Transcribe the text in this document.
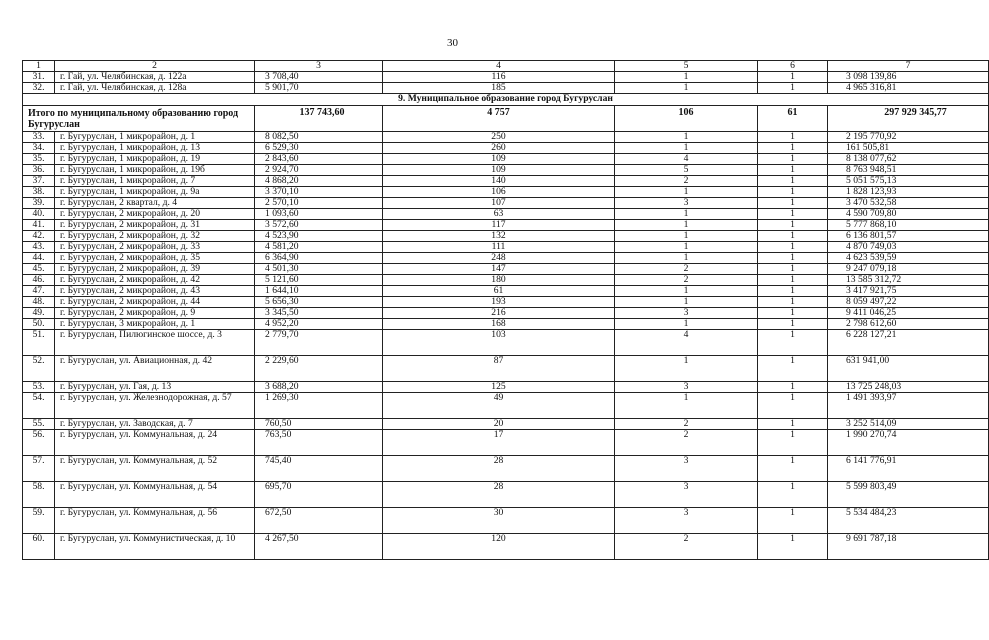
30
1	2	3	4	5	6	7
31.	г. Гай, ул. Челябинская, д. 122а	3 708,40	116	1	1	3 098 139,86
32.	г. Гай, ул. Челябинская, д. 128а	5 901,70	185	1	1	4 965 316,81
9. Муниципальное образование город Бугуруслан						
Итого по муниципальному образованию город Бугуруслан		137 743,60	4 757	106	61	297 929 345,77
33.	г. Бугуруслан, 1 микрорайон, д. 1	8 082,50	250	1	1	2 195 770,92
34.	г. Бугуруслан, 1 микрорайон, д. 13	6 529,30	260	1	1	161 505,81
35.	г. Бугуруслан, 1 микрорайон, д. 19	2 843,60	109	4	1	8 138 077,62
36.	г. Бугуруслан, 1 микрорайон, д. 19б	2 924,70	109	5	1	8 763 948,51
37.	г. Бугуруслан, 1 микрорайон, д. 7	4 868,20	140	2	1	5 051 575,13
38.	г. Бугуруслан, 1 микрорайон, д. 9а	3 370,10	106	1	1	1 828 123,93
39.	г. Бугуруслан, 2 квартал, д. 4	2 570,10	107	3	1	3 470 532,58
40.	г. Бугуруслан, 2 микрорайон, д. 20	1 093,60	63	1	1	4 590 709,80
41.	г. Бугуруслан, 2 микрорайон, д. 31	3 572,60	117	1	1	5 777 868,10
42.	г. Бугуруслан, 2 микрорайон, д. 32	4 523,90	132	1	1	6 136 801,57
43.	г. Бугуруслан, 2 микрорайон, д. 33	4 581,20	111	1	1	4 870 749,03
44.	г. Бугуруслан, 2 микрорайон, д. 35	6 364,90	248	1	1	4 623 539,59
45.	г. Бугуруслан, 2 микрорайон, д. 39	4 501,30	147	2	1	9 247 079,18
46.	г. Бугуруслан, 2 микрорайон, д. 42	5 121,60	180	2	1	13 585 312,72
47.	г. Бугуруслан, 2 микрорайон, д. 43	1 644,10	61	1	1	3 417 921,75
48.	г. Бугуруслан, 2 микрорайон, д. 44	5 656,30	193	1	1	8 059 497,22
49.	г. Бугуруслан, 2 микрорайон, д. 9	3 345,50	216	3	1	9 411 046,25
50.	г. Бугуруслан, 3 микрорайон, д. 1	4 952,20	168	1	1	2 798 612,60
51.	г. Бугуруслан, Пилюгинское шоссе, д. 3	2 779,70	103	4	1	6 228 127,21
52.	г. Бугуруслан, ул. Авиационная, д. 42	2 229,60	87	1	1	631 941,00
53.	г. Бугуруслан, ул. Гая, д. 13	3 688,20	125	3	1	13 725 248,03
54.	г. Бугуруслан, ул. Железнодорожная, д. 57	1 269,30	49	1	1	1 491 393,97
55.	г. Бугуруслан, ул. Заводская, д. 7	760,50	20	2	1	3 252 514,09
56.	г. Бугуруслан, ул. Коммунальная, д. 24	763,50	17	2	1	1 990 270,74
57.	г. Бугуруслан, ул. Коммунальная, д. 52	745,40	28	3	1	6 141 776,91
58.	г. Бугуруслан, ул. Коммунальная, д. 54	695,70	28	3	1	5 599 803,49
59.	г. Бугуруслан, ул. Коммунальная, д. 56	672,50	30	3	1	5 534 484,23
60.	г. Бугуруслан, ул. Коммунистическая, д. 10	4 267,50	120	2	1	9 691 787,18
